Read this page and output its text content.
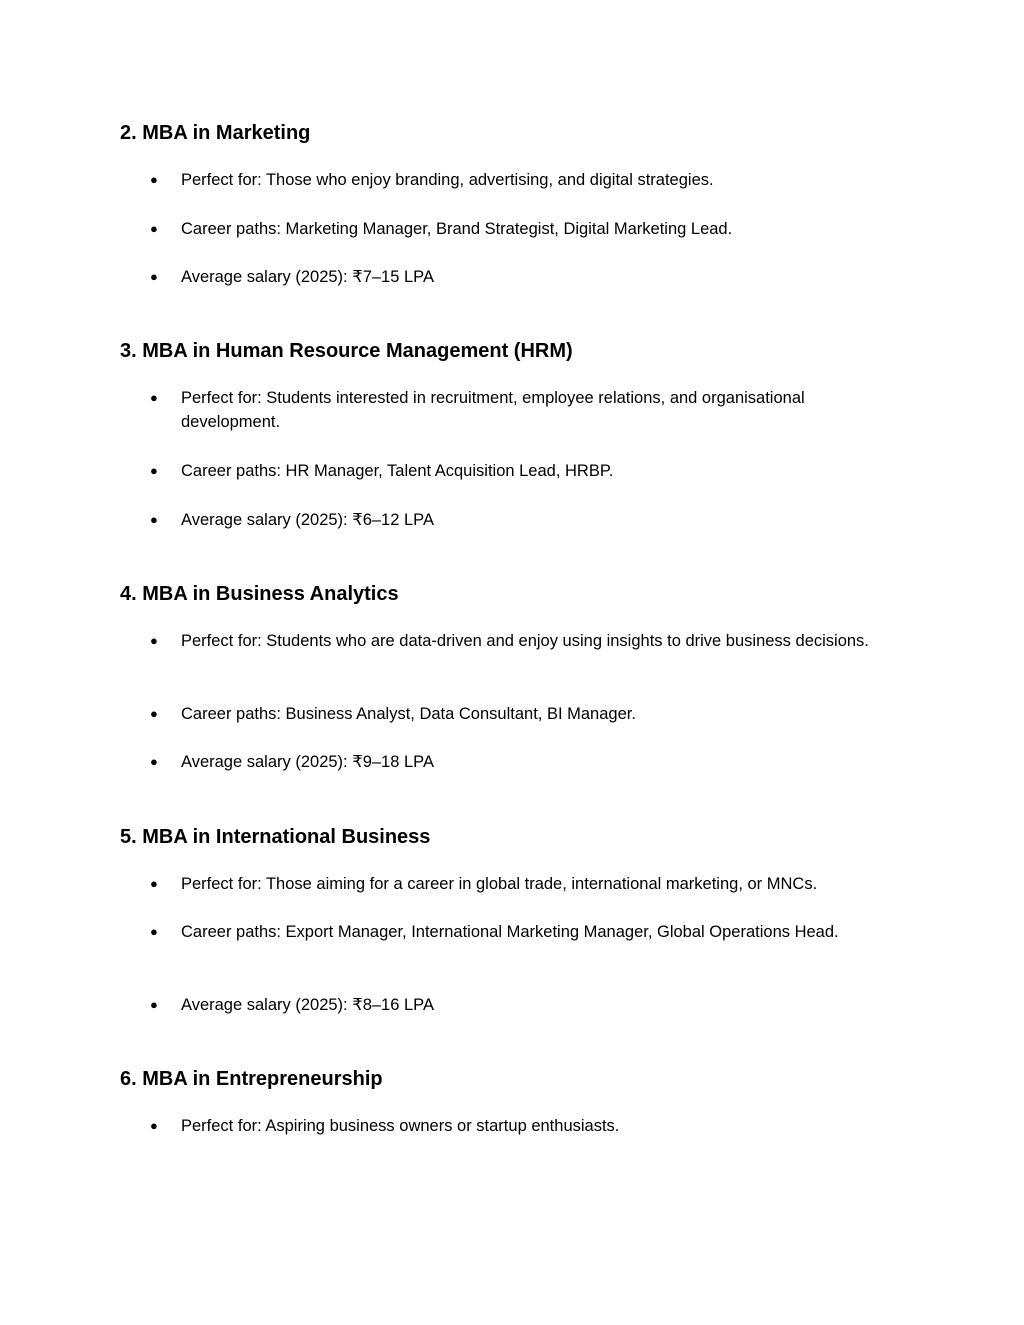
2. MBA in Marketing
● Perfect for: Those who enjoy branding, advertising, and digital strategies.
● Career paths: Marketing Manager, Brand Strategist, Digital Marketing Lead.
● Average salary (2025): ₹7–15 LPA
3. MBA in Human Resource Management (HRM)
● Perfect for: Students interested in recruitment, employee relations, and organisational development.
● Career paths: HR Manager, Talent Acquisition Lead, HRBP.
● Average salary (2025): ₹6–12 LPA
4. MBA in Business Analytics
● Perfect for: Students who are data-driven and enjoy using insights to drive business decisions.
● Career paths: Business Analyst, Data Consultant, BI Manager.
● Average salary (2025): ₹9–18 LPA
5. MBA in International Business
● Perfect for: Those aiming for a career in global trade, international marketing, or MNCs.
● Career paths: Export Manager, International Marketing Manager, Global Operations Head.
● Average salary (2025): ₹8–16 LPA
6. MBA in Entrepreneurship
● Perfect for: Aspiring business owners or startup enthusiasts.
